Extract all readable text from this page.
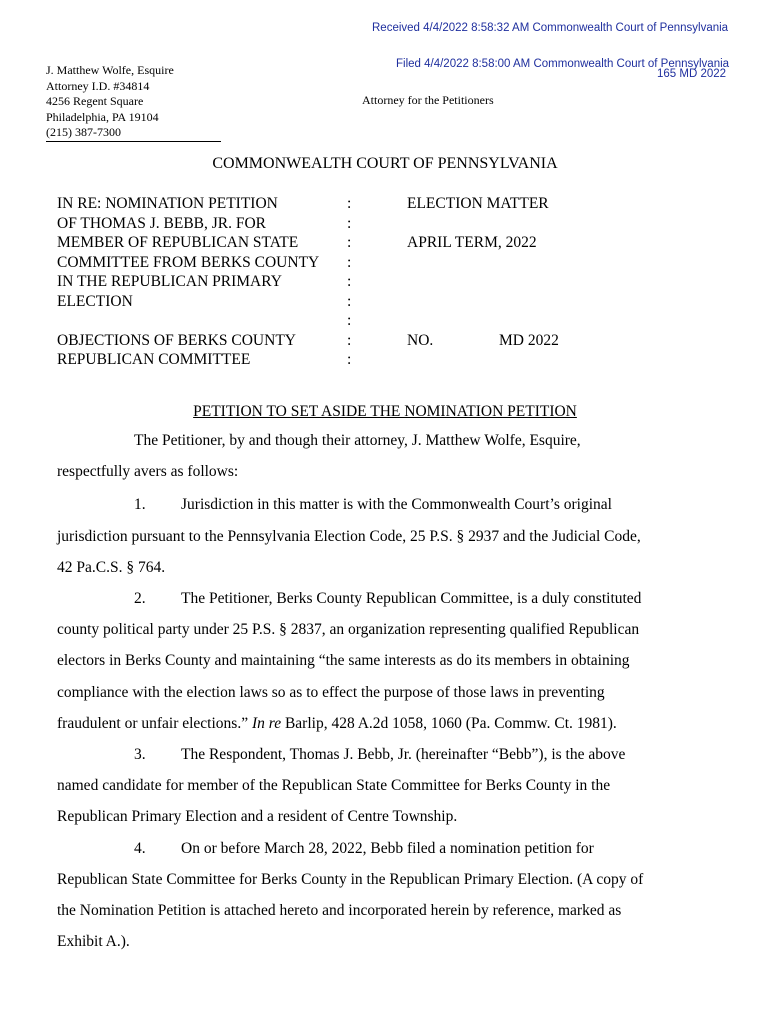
Received 4/4/2022 8:58:32 AM Commonwealth Court of Pennsylvania
Filed 4/4/2022 8:58:00 AM Commonwealth Court of Pennsylvania
165 MD 2022
J. Matthew Wolfe, Esquire
Attorney I.D. #34814
4256 Regent Square
Philadelphia, PA 19104
(215) 387-7300
Attorney for the Petitioners
COMMONWEALTH COURT OF PENNSYLVANIA
IN RE: NOMINATION PETITION
OF THOMAS J. BEBB, JR. FOR
MEMBER OF REPUBLICAN STATE
COMMITTEE FROM BERKS COUNTY
IN THE REPUBLICAN PRIMARY
ELECTION
OBJECTIONS OF BERKS COUNTY
REPUBLICAN COMMITTEE
:
:
:
:
:
:
:
:
:
ELECTION MATTER
APRIL TERM, 2022
NO.	MD 2022
PETITION TO SET ASIDE THE NOMINATION PETITION
The Petitioner, by and though their attorney, J. Matthew Wolfe, Esquire,
respectfully avers as follows:
1. Jurisdiction in this matter is with the Commonwealth Court’s original
jurisdiction pursuant to the Pennsylvania Election Code, 25 P.S. § 2937 and the Judicial Code,
42 Pa.C.S. § 764.
2. The Petitioner, Berks County Republican Committee, is a duly constituted
county political party under 25 P.S. § 2837, an organization representing qualified Republican
electors in Berks County and maintaining “the same interests as do its members in obtaining
compliance with the election laws so as to effect the purpose of those laws in preventing
fraudulent or unfair elections.” In re Barlip, 428 A.2d 1058, 1060 (Pa. Commw. Ct. 1981).
3. The Respondent, Thomas J. Bebb, Jr. (hereinafter “Bebb”), is the above
named candidate for member of the Republican State Committee for Berks County in the
Republican Primary Election and a resident of Centre Township.
4. On or before March 28, 2022, Bebb filed a nomination petition for
Republican State Committee for Berks County in the Republican Primary Election. (A copy of
the Nomination Petition is attached hereto and incorporated herein by reference, marked as
Exhibit A.).
